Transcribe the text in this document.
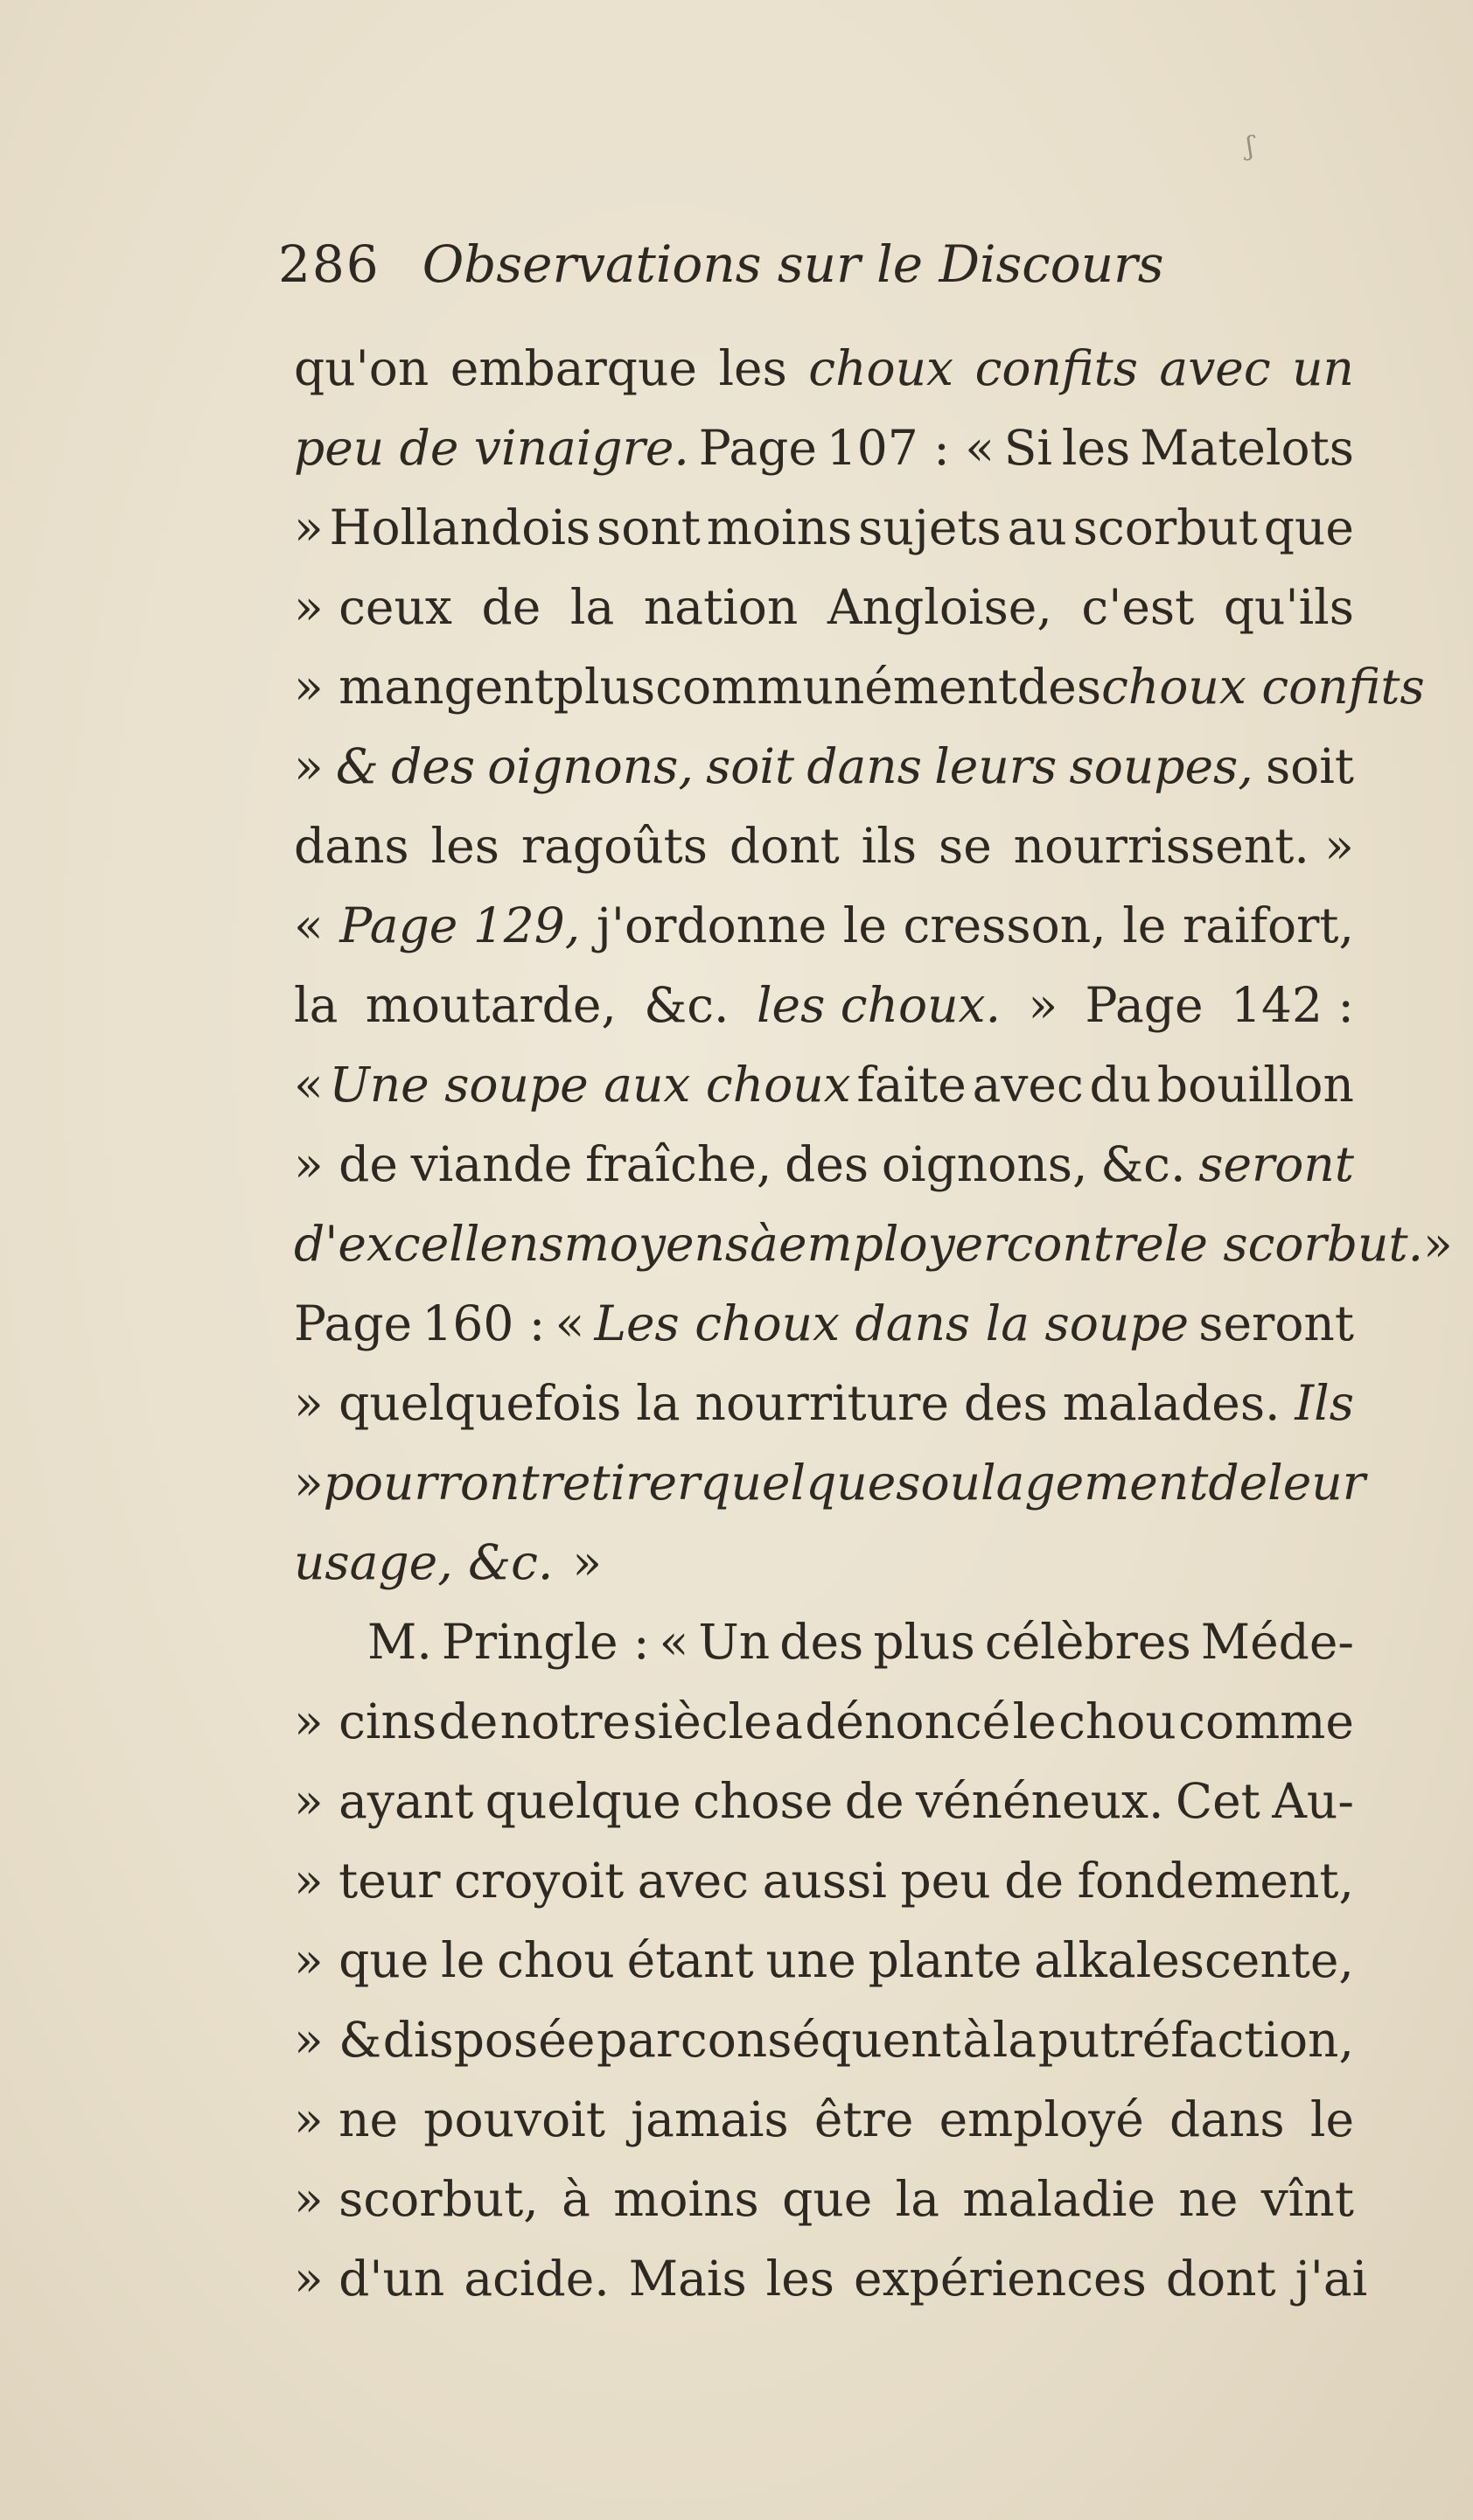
286 Observations sur le Discours
qu'on embarque les choux confits avec un
peu de vinaigre. Page 107 : « Si les Matelots
» Hollandois sont moins sujets au scorbut que
» ceux de la nation Angloise, c'est qu'ils
» mangent plus communément des choux confits
» & des oignons, soit dans leurs soupes, soit
dans les ragoûts dont ils se nourrissent. »
« Page 129, j'ordonne le cresson, le raifort,
la moutarde, &c. les choux. » Page 142 :
« Une soupe aux choux faite avec du bouillon
» de viande fraîche, des oignons, &c. seront
d'excellens moyens à employer contre le scorbut. »
Page 160 : « Les choux dans la soupe seront
» quelquefois la nourriture des malades. Ils
» pourront retirer quelque soulagement de leur
usage, &c. »
M. Pringle : « Un des plus célèbres Méde-
» cins de notre siècle a dénoncé le chou comme
» ayant quelque chose de vénéneux. Cet Au-
» teur croyoit avec aussi peu de fondement,
» que le chou étant une plante alkalescente,
» & disposée par conséquent à la putréfaction,
» ne pouvoit jamais être employé dans le
» scorbut, à moins que la maladie ne vînt
» d'un acide. Mais les expériences dont j'ai
ʃ
